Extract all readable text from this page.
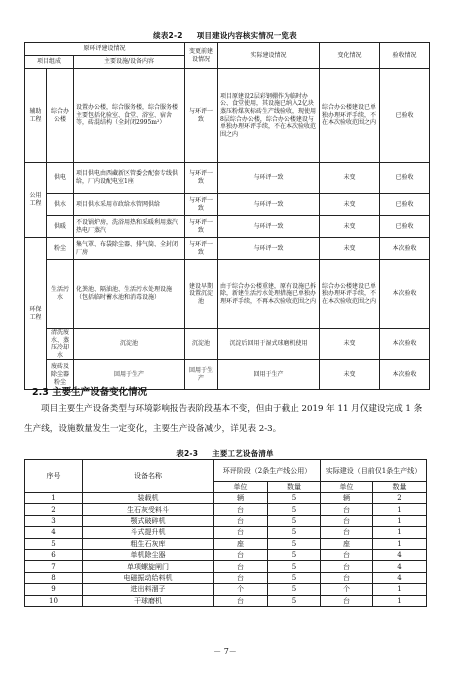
续表2-2 项目建设内容核实情况一览表
原环评建设情况			变更前建设情况	实际建设情况	变化情况	验收情况
项目组成		主要设施/设备内容				
辅助工程	综合办公楼	设置办公楼，综合服务楼，综合服务楼主要包括化验室、食堂、浴室、宿舍等，砖混结构（全封闭2995m²）	与环评一致	项目原建设2层彩钢棚作为临时办公、食堂使用，其设施已纳入2亿块蒸压粉煤灰标砖生产线验收，现使用8层综合办公楼，综合办公楼建设与单独办理环评手续，不在本次验收范围之内	综合办公楼建设已单独办理环评手续，不在本次验收范围之内	已验收
公用工程	供电	项目供电由西藏新区管委会配套专线供给，厂内设配电室1座	与环评一致	与环评一致	未变	已验收
	供水	项目供水采用市政给水管网供给	与环评一致	与环评一致	未变	已验收
	供暖	不设锅炉房，洗浴用热和采暖利用蒸汽热电厂蒸汽	与环评一致	与环评一致	未变	已验收
环保工程	粉尘	集气罩、布袋除尘器、排气筒、全封闭厂房	与环评一致	与环评一致	未变	本次验收
	生活污水	化粪池、隔油池、生活污水处理设施（包括临时蓄水池和消毒设施）	建设早期设置沉淀池	由于综合办公楼重建，原有设施已拆除，新建生活污水处理措施已单独办理环评手续，不再本次验收范围之内	综合办公楼建设已单独办理环评手续，不在本次验收范围之内	本次验收
	清洗废水、蒸压冷却水	沉淀池	沉淀池	沉淀后回用于湿式球磨机使用	未变	本次验收
	废砖及除尘器粉尘	回用于生产	回用于生产	回用于生产	未变	本次验收
2.3 主要生产设备变化情况
项目主要生产设备类型与环境影响报告表阶段基本不变，但由于截止 2019 年 11 月仅建设完成 1 条生产线，设施数量发生一定变化，主要生产设备减少，详见表 2-3。
表2-3 主要工艺设备清单
序号	设备名称	环评阶段（2条生产线公用）		实际建设（目前仅1条生产线）	
		单位	数量	单位	数量
1	装载机	辆	5	辆	2
2	生石灰受料斗	台	5	台	1
3	颚式破碎机	台	5	台	1
4	斗式提升机	台	5	台	1
5	粗生石灰库	座	5	座	1
6	单机除尘器	台	5	台	4
7	单项螺旋闸门	台	5	台	4
8	电磁振动给料机	台	5	台	4
9	进出料溜子	个	5	个	1
10	干球磨机	台	5	台	1
－ 7－
